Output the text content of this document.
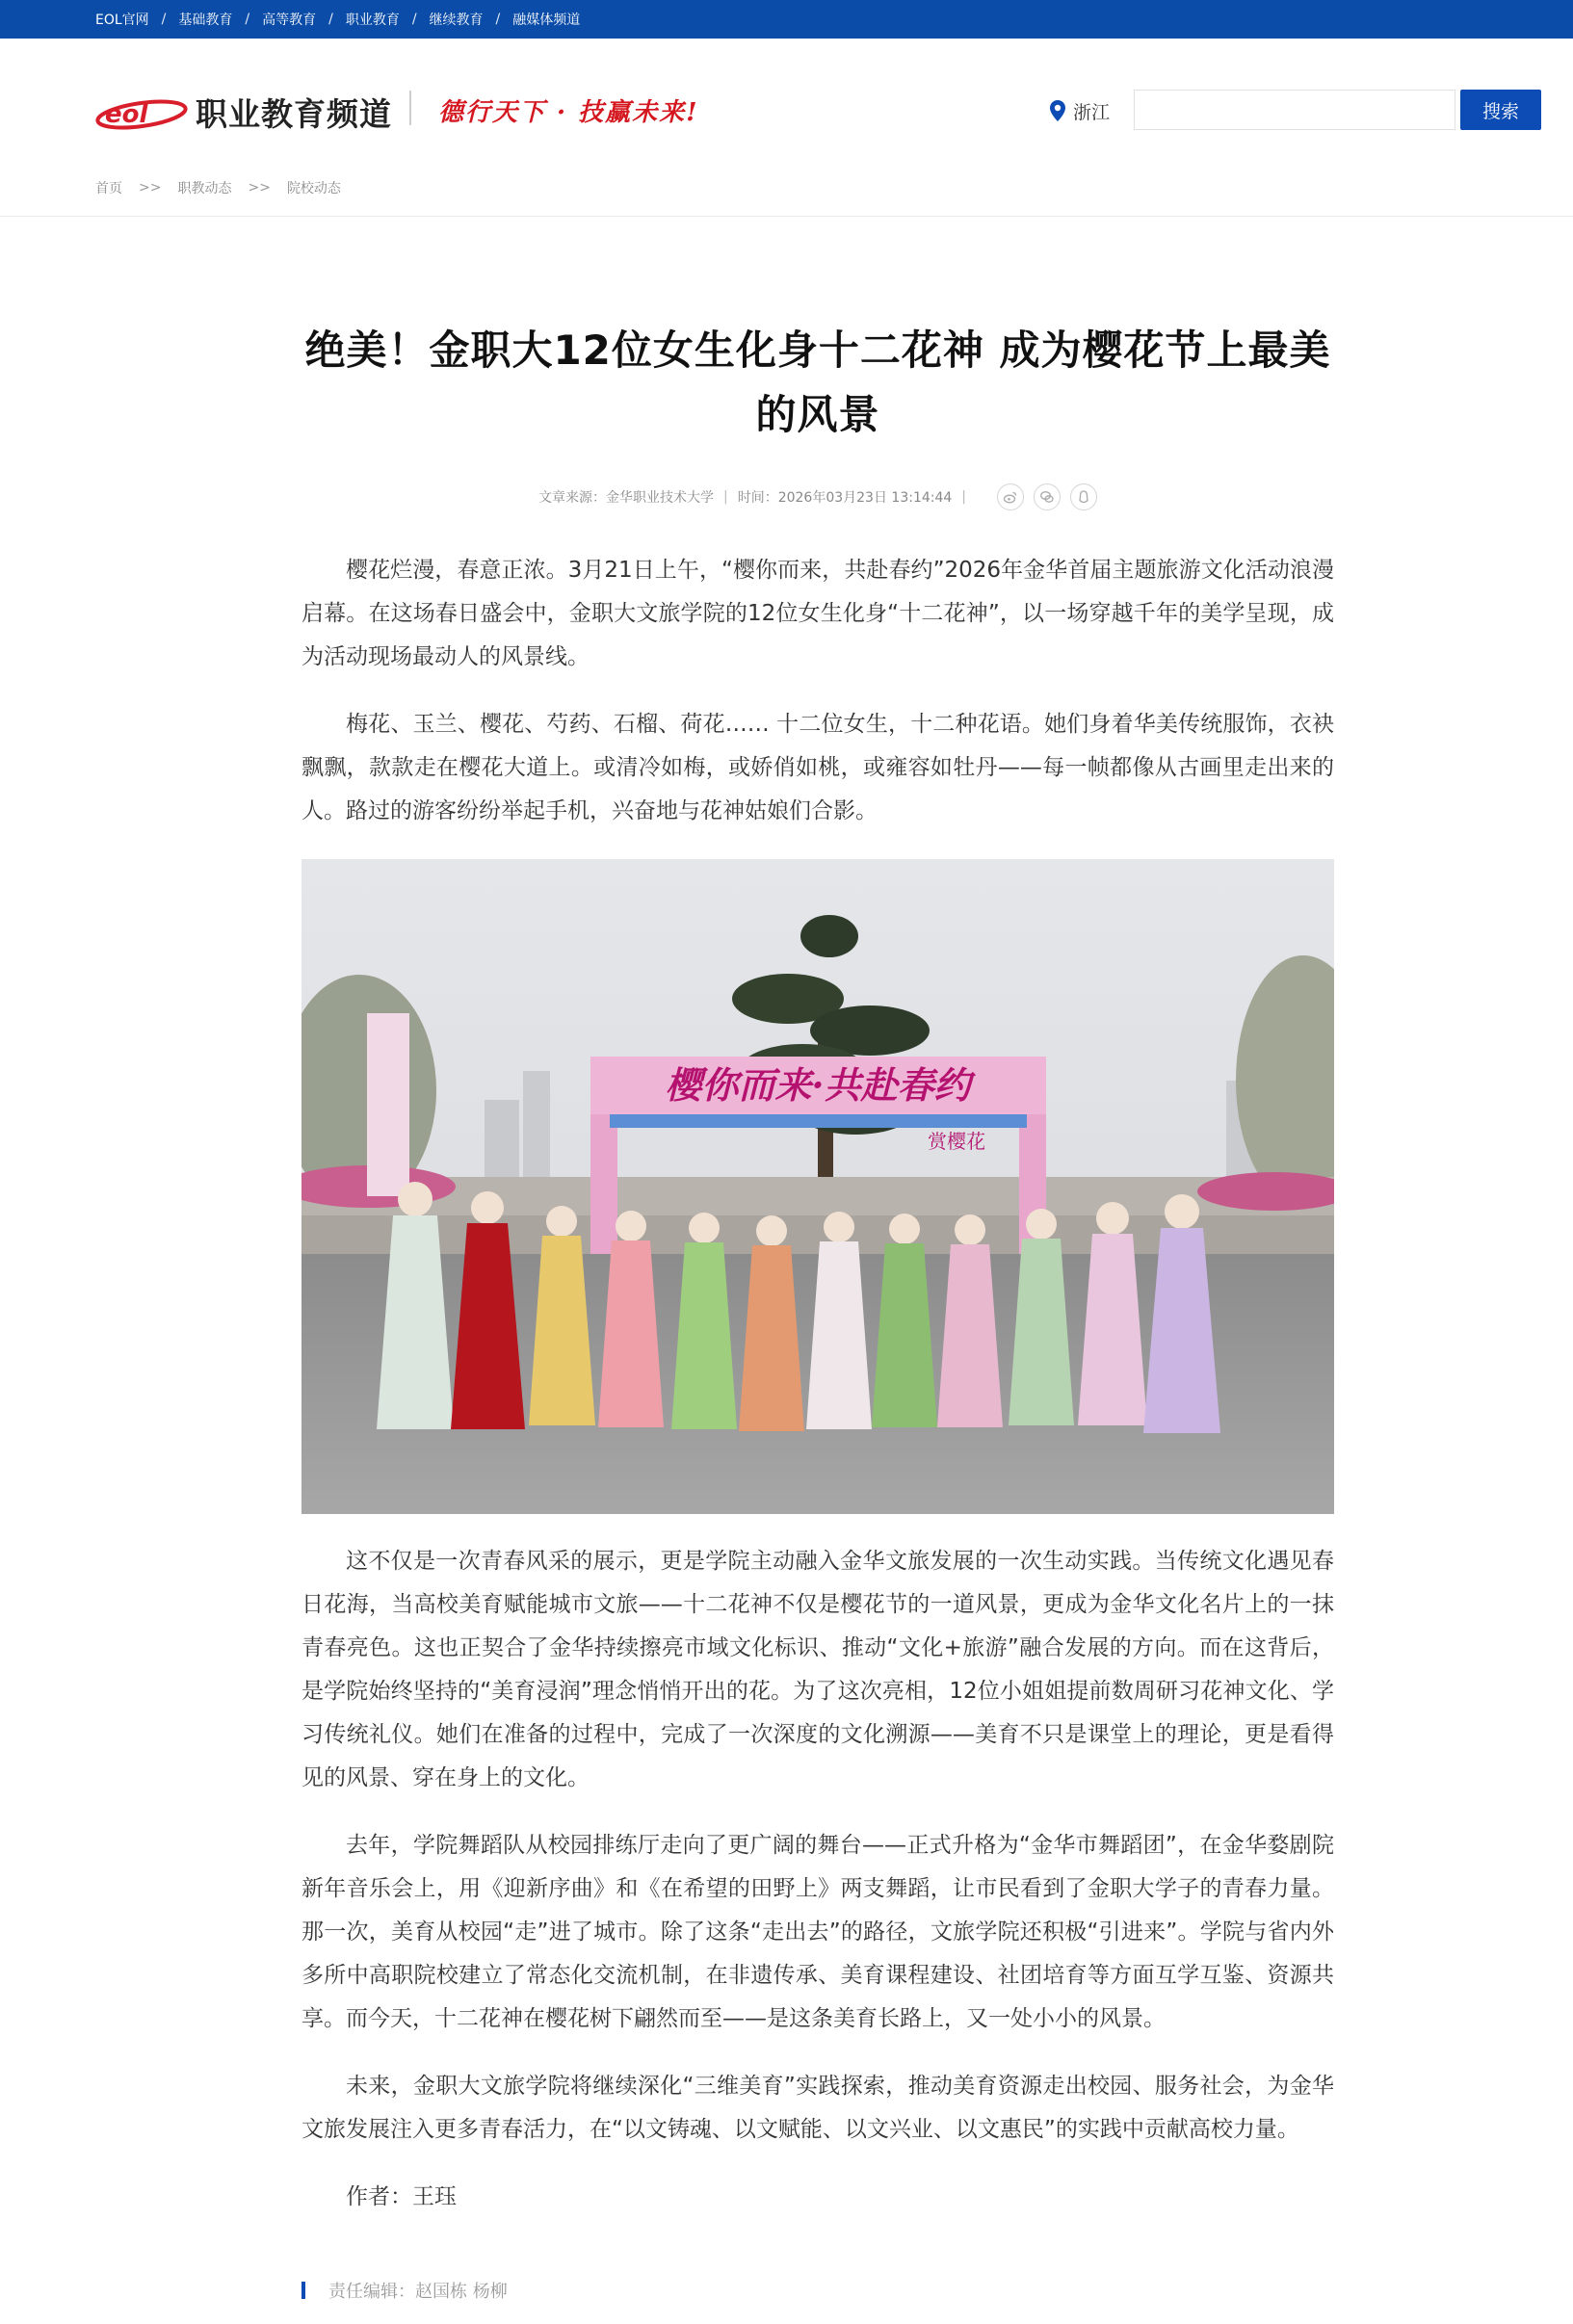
EOL官网 / 基础教育 / 高等教育 / 职业教育 / 继续教育 / 融媒体频道
eol 职业教育频道 德行天下 · 技赢未来!	浙江	搜索
首页 >> 职教动态 >> 院校动态
绝美！金职大12位女生化身十二花神 成为樱花节上最美的风景
文章来源：金华职业技术大学 | 时间：2026年03月23日 13:14:44 |

樱花烂漫，春意正浓。3月21日上午，“樱你而来，共赴春约”2026年金华首届主题旅游文化活动浪漫启幕。在这场春日盛会中，金职大文旅学院的12位女生化身“十二花神”，以一场穿越千年的美学呈现，成为活动现场最动人的风景线。

梅花、玉兰、樱花、芍药、石榴、荷花…… 十二位女生，十二种花语。她们身着华美传统服饰，衣袂飘飘，款款走在樱花大道上。或清冷如梅，或娇俏如桃，或雍容如牡丹——每一帧都像从古画里走出来的人。路过的游客纷纷举起手机，兴奋地与花神姑娘们合影。

樱你而来·共赴春约
赏樱花

这不仅是一次青春风采的展示，更是学院主动融入金华文旅发展的一次生动实践。当传统文化遇见春日花海，当高校美育赋能城市文旅——十二花神不仅是樱花节的一道风景，更成为金华文化名片上的一抹青春亮色。这也正契合了金华持续擦亮市域文化标识、推动“文化+旅游”融合发展的方向。而在这背后，是学院始终坚持的“美育浸润”理念悄悄开出的花。为了这次亮相，12位小姐姐提前数周研习花神文化、学习传统礼仪。她们在准备的过程中，完成了一次深度的文化溯源——美育不只是课堂上的理论，更是看得见的风景、穿在身上的文化。

去年，学院舞蹈队从校园排练厅走向了更广阔的舞台——正式升格为“金华市舞蹈团”，在金华婺剧院新年音乐会上，用《迎新序曲》和《在希望的田野上》两支舞蹈，让市民看到了金职大学子的青春力量。那一次，美育从校园“走”进了城市。除了这条“走出去”的路径，文旅学院还积极“引进来”。学院与省内外多所中高职院校建立了常态化交流机制，在非遗传承、美育课程建设、社团培育等方面互学互鉴、资源共享。而今天，十二花神在樱花树下翩然而至——是这条美育长路上，又一处小小的风景。

未来，金职大文旅学院将继续深化“三维美育”实践探索，推动美育资源走出校园、服务社会，为金华文旅发展注入更多青春活力，在“以文铸魂、以文赋能、以文兴业、以文惠民”的实践中贡献高校力量。

作者：王珏

责任编辑：赵国栋 杨柳
